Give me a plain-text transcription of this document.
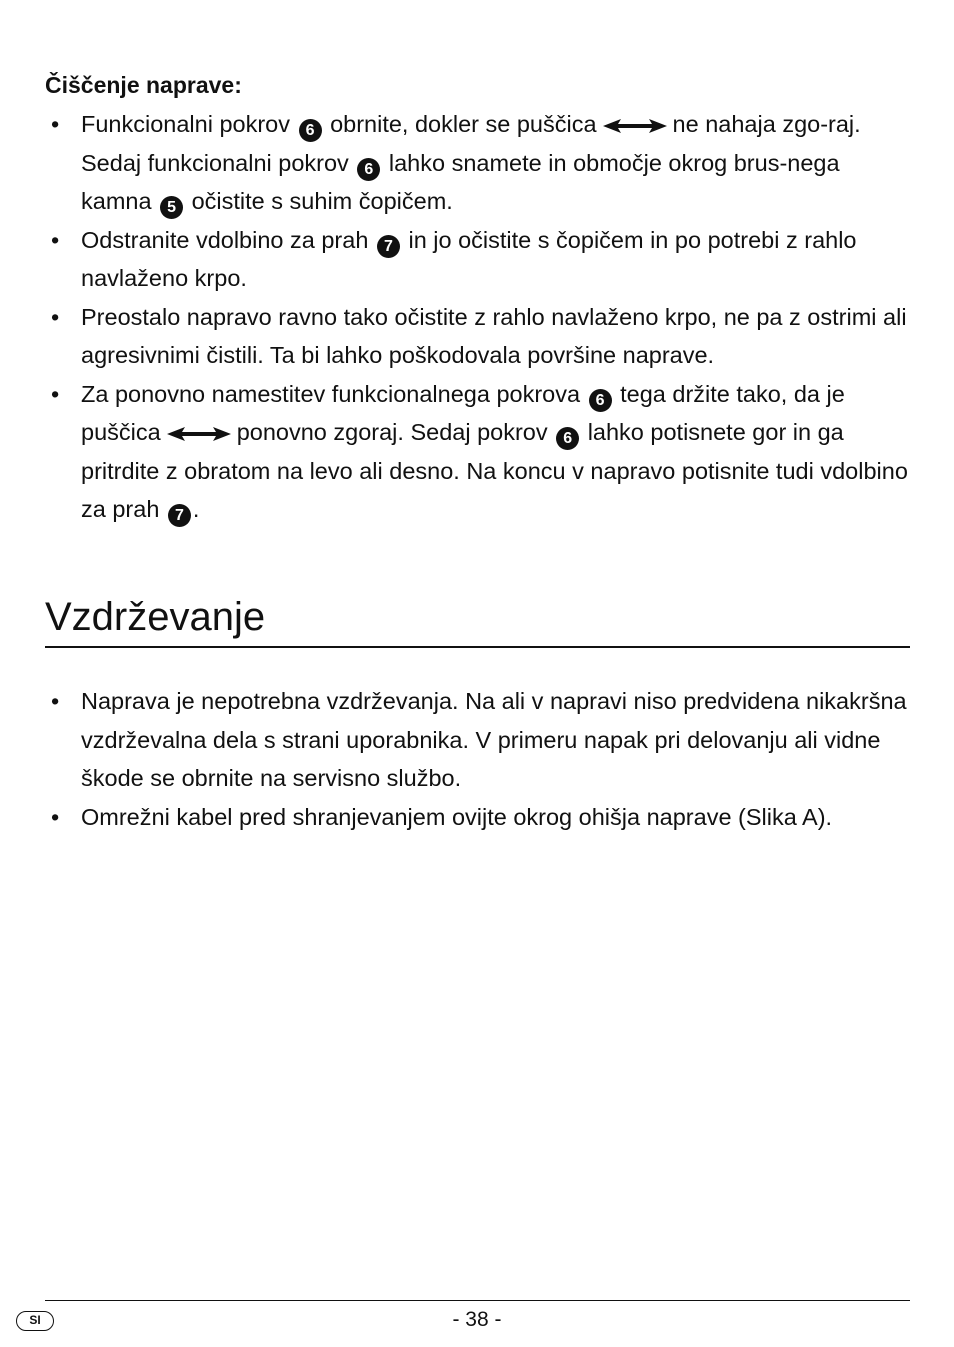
Čiščenje naprave:
• Funkcionalni pokrov 6 obrnite, dokler se puščica	ne nahaja zgo-raj. Sedaj funkcionalni pokrov 6 lahko snamete in območje okrog brus-nega kamna 5 očistite s suhim čopičem.
• Odstranite vdolbino za prah 7 in jo očistite s čopičem in po potrebi z rahlo navlaženo krpo.
• Preostalo napravo ravno tako očistite z rahlo navlaženo krpo, ne pa z ostrimi ali agresivnimi čistili. Ta bi lahko poškodovala površine naprave.
• Za ponovno namestitev funkcionalnega pokrova 6 tega držite tako, da je puščica	ponovno zgoraj. Sedaj pokrov 6 lahko potisnete gor in ga pritrdite z obratom na levo ali desno. Na koncu v napravo potisnite tudi vdolbino za prah 7 .
Vzdrževanje
• Naprava je nepotrebna vzdrževanja. Na ali v napravi niso predvidena nikakršna vzdrževalna dela s strani uporabnika. V primeru napak pri delovanju ali vidne škode se obrnite na servisno službo.
• Omrežni kabel pred shranjevanjem ovijte okrog ohišja naprave (Slika A).
SI	- 38 -
